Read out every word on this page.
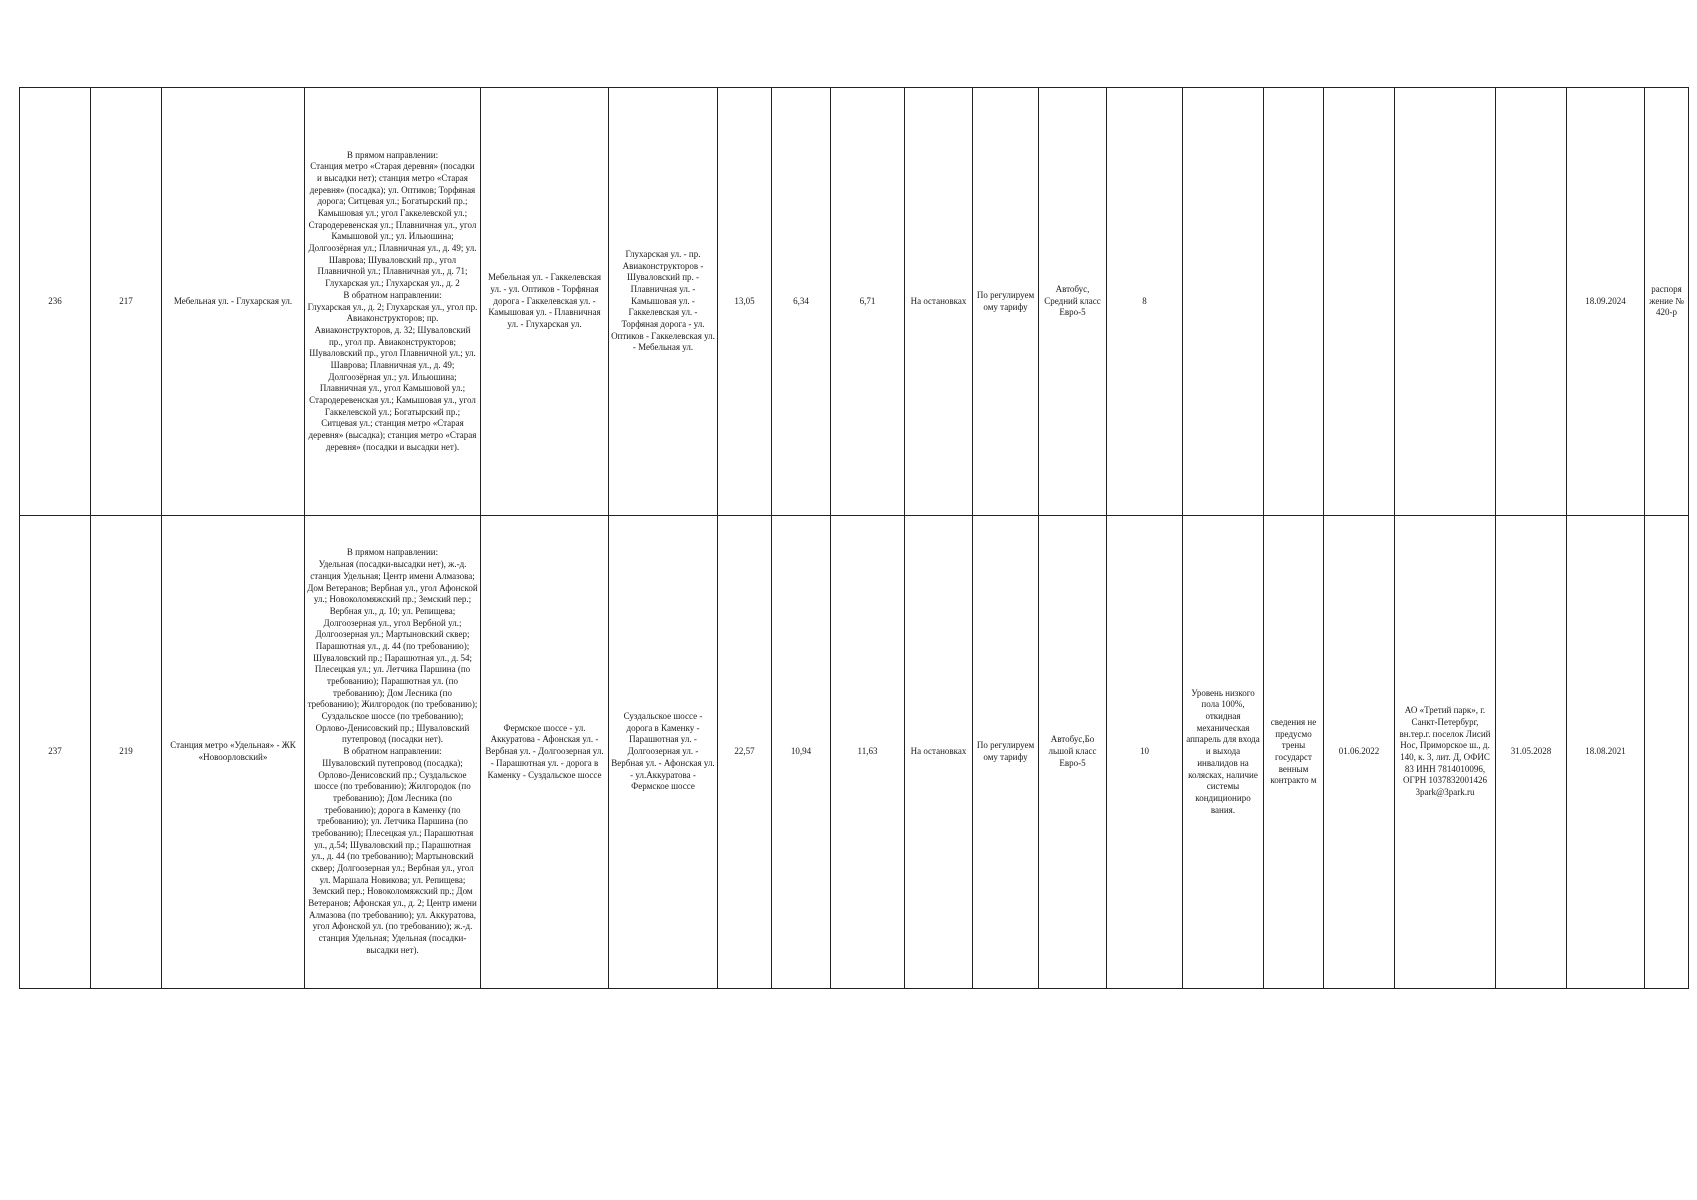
236	217	Мебельная ул. - Глухарская ул.	В прямом направлении:
Станция метро «Старая деревня» (посадки и высадки нет); станция метро «Старая деревня» (посадка); ул. Оптиков; Торфяная дорога; Ситцевая ул.; Богатырский пр.; Камышовая ул.; угол Гаккелевской ул.; Стародеревенская ул.; Плавничная ул., угол Камышовой ул.; ул. Ильюшина; Долгоозёрная ул.; Плавничная ул., д. 49; ул. Шаврова; Шуваловский пр., угол Плавничной ул.; Плавничная ул., д. 71; Глухарская ул.; Глухарская ул., д. 2
В обратном направлении:
Глухарская ул., д. 2; Глухарская ул., угол пр. Авиаконструкторов; пр. Авиаконструкторов, д. 32; Шуваловский пр., угол пр. Авиаконструкторов; Шуваловский пр., угол Плавничной ул.; ул. Шаврова; Плавничная ул., д. 49; Долгоозёрная ул.; ул. Ильюшина; Плавничная ул., угол Камышовой ул.; Стародеревенская ул.; Камышовая ул., угол Гаккелевской ул.; Богатырский пр.; Ситцевая ул.; станция метро «Старая деревня» (высадка); станция метро «Старая деревня» (посадки и высадки нет).	Мебельная ул. - Гаккелевская ул. - ул. Оптиков - Торфяная дорога - Гаккелевская ул. - Камышовая ул. - Плавничная ул. - Глухарская ул.	Глухарская ул. - пр. Авиаконструкторов - Шуваловский пр. - Плавничная ул. - Камышовая ул. - Гаккелевская ул. - Торфяная дорога - ул. Оптиков - Гаккелевская ул. - Мебельная ул.	13,05	6,34	6,71	На остановках	По регулируем ому тарифу	Автобус, Средний класс Евро-5	8						18.09.2024	распоря жение № 420-р
237	219	Станция метро «Удельная» - ЖК «Новоорловский»	В прямом направлении:
Удельная (посадки-высадки нет), ж.-д. станция Удельная; Центр имени Алмазова; Дом Ветеранов; Вербная ул., угол Афонской ул.; Новоколомяжский пр.; Земский пер.; Вербная ул., д. 10; ул. Репищева; Долгоозерная ул., угол Вербной ул.; Долгоозерная ул.; Мартыновский сквер; Парашютная ул., д. 44 (по требованию); Шуваловский пр.; Парашютная ул., д. 54; Плесецкая ул.; ул. Летчика Паршина (по требованию); Парашютная ул. (по требованию); Дом Лесника (по требованию); Жилгородок (по требованию); Суздальское шоссе (по требованию); Орлово-Денисовский пр.; Шуваловский путепровод (посадки нет).
В обратном направлении:
Шуваловский путепровод (посадка); Орлово-Денисовский пр.; Суздальское шоссе (по требованию); Жилгородок (по требованию); Дом Лесника (по требованию); дорога в Каменку (по требованию); ул. Летчика Паршина (по требованию); Плесецкая ул.; Парашютная ул., д.54; Шуваловский пр.; Парашютная ул., д. 44 (по требованию); Мартыновский сквер; Долгоозерная ул.; Вербная ул., угол ул. Маршала Новикова; ул. Репищева; Земский пер.; Новоколомяжский пр.; Дом Ветеранов; Афонская ул., д. 2; Центр имени Алмазова (по требованию); ул. Аккуратова, угол Афонской ул. (по требованию); ж.-д. станция Удельная; Удельная (посадки-высадки нет).	Фермское шоссе - ул. Аккуратова - Афонская ул. - Вербная ул. - Долгоозерная ул. - Парашютная ул. - дорога в Каменку - Суздальское шоссе	Суздальское шоссе - дорога в Каменку - Парашютная ул. - Долгоозерная ул. - Вербная ул. - Афонская ул. - ул.Аккуратова - Фермское шоссе	22,57	10,94	11,63	На остановках	По регулируем ому тарифу	Автобус,Бо льшой класс Евро-5	10	Уровень низкого пола 100%, откидная механическая аппарель для входа и выхода инвалидов на колясках, наличие системы кондициониро вания.	сведения не предусмо трены государст венным контракто м	01.06.2022	АО «Третий парк», г. Санкт-Петербург, вн.тер.г. поселок Лисий Нос, Приморское ш., д. 140, к. 3, лит. Д, ОФИС 83 ИНН 7814010096, ОГРН 1037832001426 3park@3park.ru	31.05.2028	18.08.2021	
